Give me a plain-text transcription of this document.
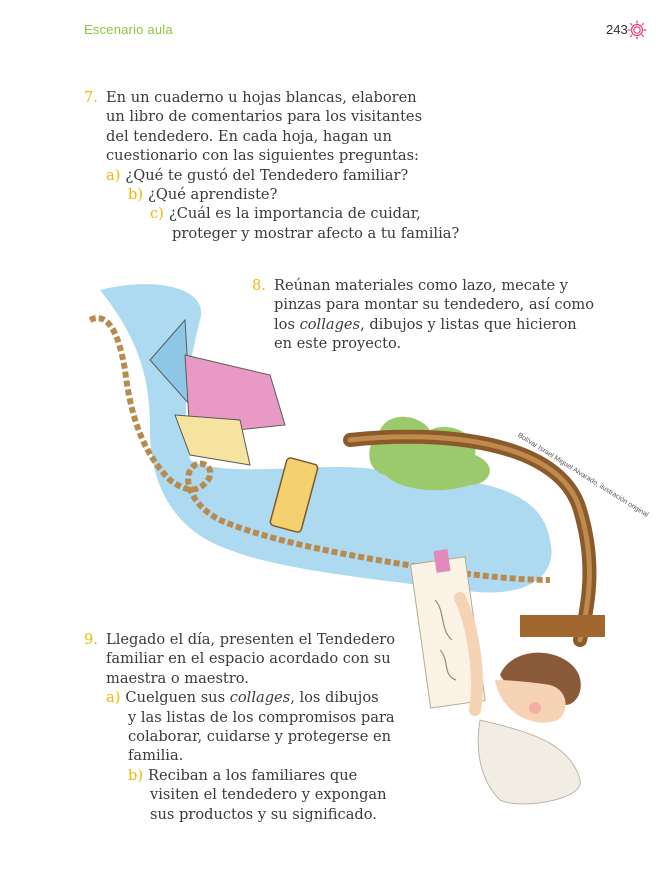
Escenario aula	243
7. En un cuaderno u hojas blancas, elaboren
un libro de comentarios para los visitantes
del tendedero. En cada hoja, hagan un
cuestionario con las siguientes preguntas:
a) ¿Qué te gustó del Tendedero familiar?
b) ¿Qué aprendiste?
c) ¿Cuál es la importancia de cuidar,
proteger y mostrar afecto a tu familia?
Bolívar Israel Miguel Alvarado, ilustración original
8. Reúnan materiales como lazo, mecate y
pinzas para montar su tendedero, así como
los collages, dibujos y listas que hicieron
en este proyecto.
9. Llegado el día, presenten el Tendedero
familiar en el espacio acordado con su
maestra o maestro.
a) Cuelguen sus collages, los dibujos
y las listas de los compromisos para
colaborar, cuidarse y protegerse en
familia.
b) Reciban a los familiares que
visiten el tendedero y expongan
sus productos y su significado.
